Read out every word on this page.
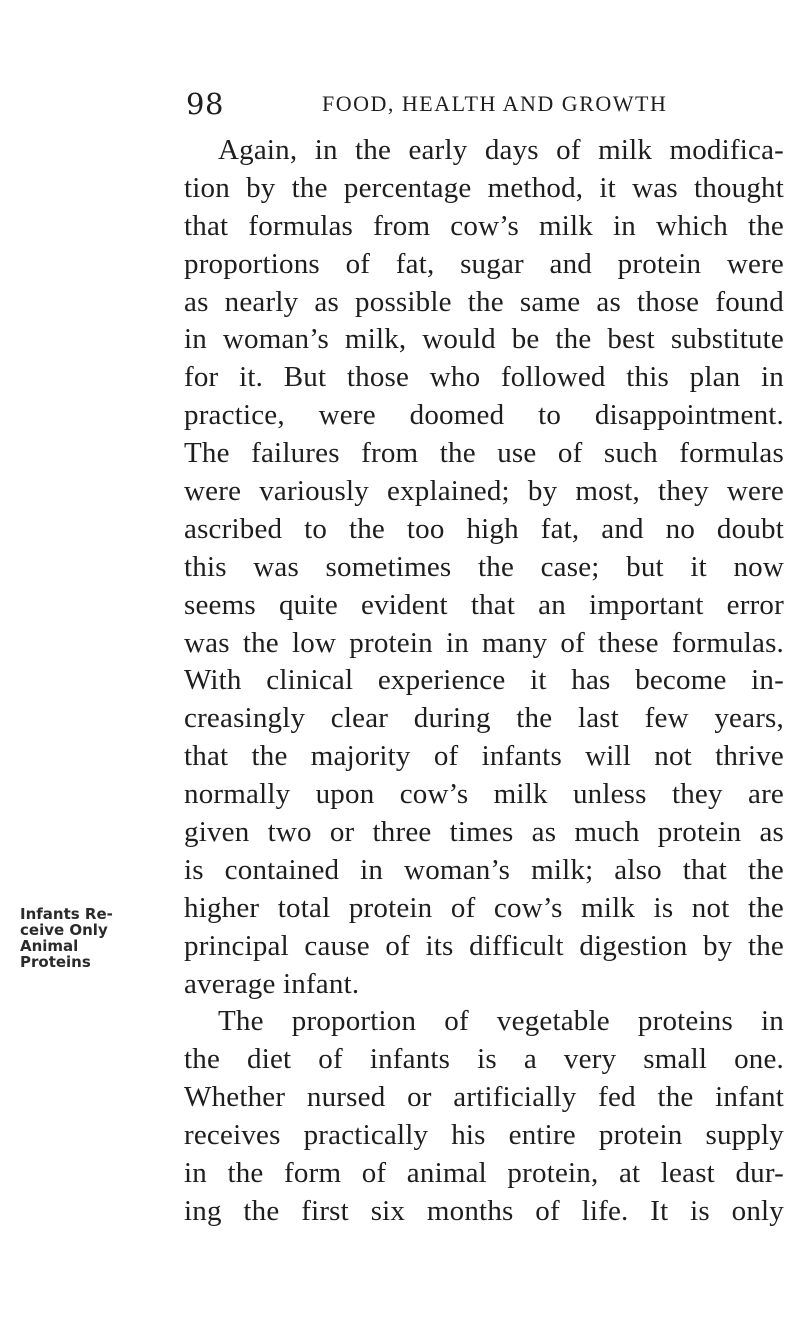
98	FOOD, HEALTH AND GROWTH
Infants Re-
ceive Only
Animal
Proteins
Again, in the early days of milk modifica-
tion by the percentage method, it was thought
that formulas from cow’s milk in which the
proportions of fat, sugar and protein were
as nearly as possible the same as those found
in woman’s milk, would be the best substitute
for it. But those who followed this plan in
practice, were doomed to disappointment.
The failures from the use of such formulas
were variously explained; by most, they were
ascribed to the too high fat, and no doubt
this was sometimes the case; but it now
seems quite evident that an important error
was the low protein in many of these formulas.
With clinical experience it has become in-
creasingly clear during the last few years,
that the majority of infants will not thrive
normally upon cow’s milk unless they are
given two or three times as much protein as
is contained in woman’s milk; also that the
higher total protein of cow’s milk is not the
principal cause of its difficult digestion by the
average infant.
The proportion of vegetable proteins in
the diet of infants is a very small one.
Whether nursed or artificially fed the infant
receives practically his entire protein supply
in the form of animal protein, at least dur-
ing the first six months of life. It is only
